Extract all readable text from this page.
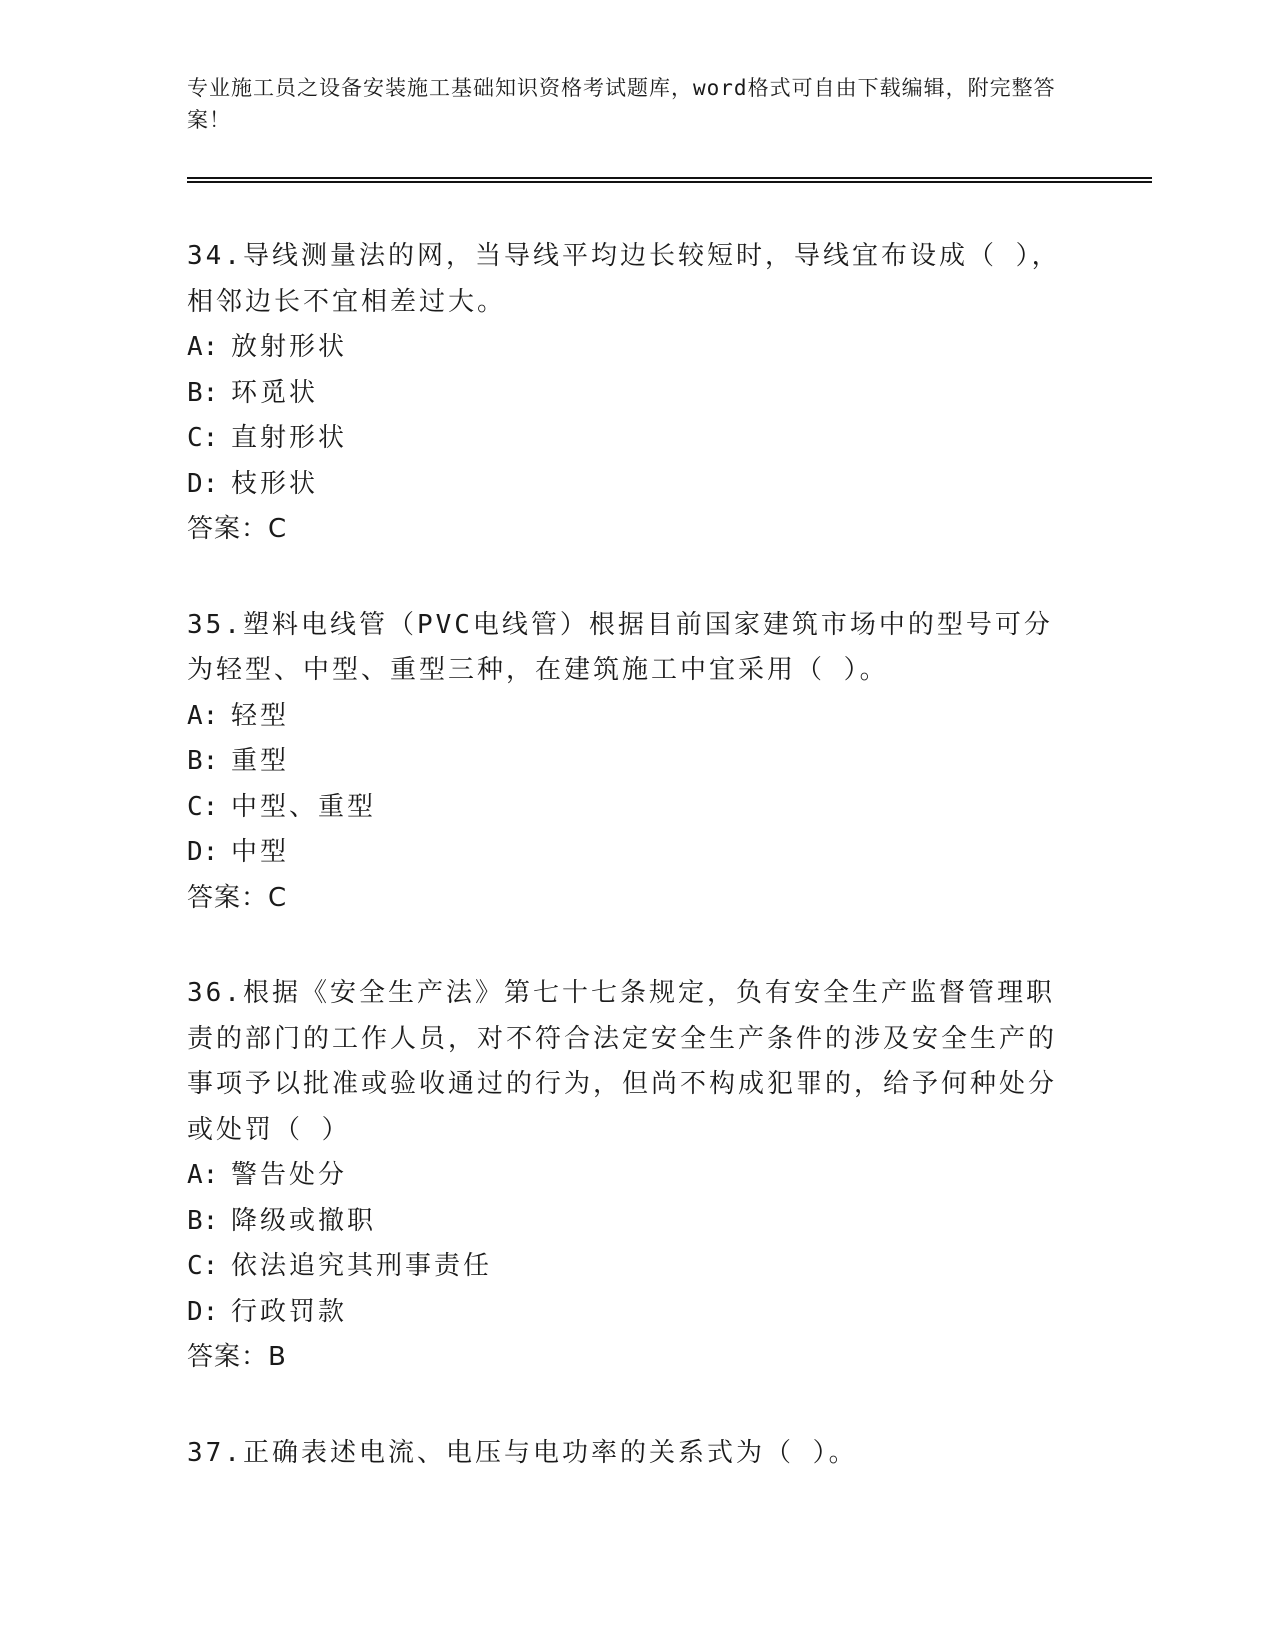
专业施工员之设备安装施工基础知识资格考试题库，word格式可自由下载编辑，附完整答案！
34.导线测量法的网，当导线平均边长较短时，导线宜布设成（ ），相邻边长不宜相差过大。
A: 放射形状
B: 环觅状
C: 直射形状
D: 枝形状
答案：C
35.塑料电线管（PVC电线管）根据目前国家建筑市场中的型号可分为轻型、中型、重型三种，在建筑施工中宜采用（ ）。
A: 轻型
B: 重型
C: 中型、重型
D: 中型
答案：C
36.根据《安全生产法》第七十七条规定，负有安全生产监督管理职责的部门的工作人员，对不符合法定安全生产条件的涉及安全生产的事项予以批准或验收通过的行为，但尚不构成犯罪的，给予何种处分或处罚（ ）
A: 警告处分
B: 降级或撤职
C: 依法追究其刑事责任
D: 行政罚款
答案：B
37.正确表述电流、电压与电功率的关系式为（ ）。
